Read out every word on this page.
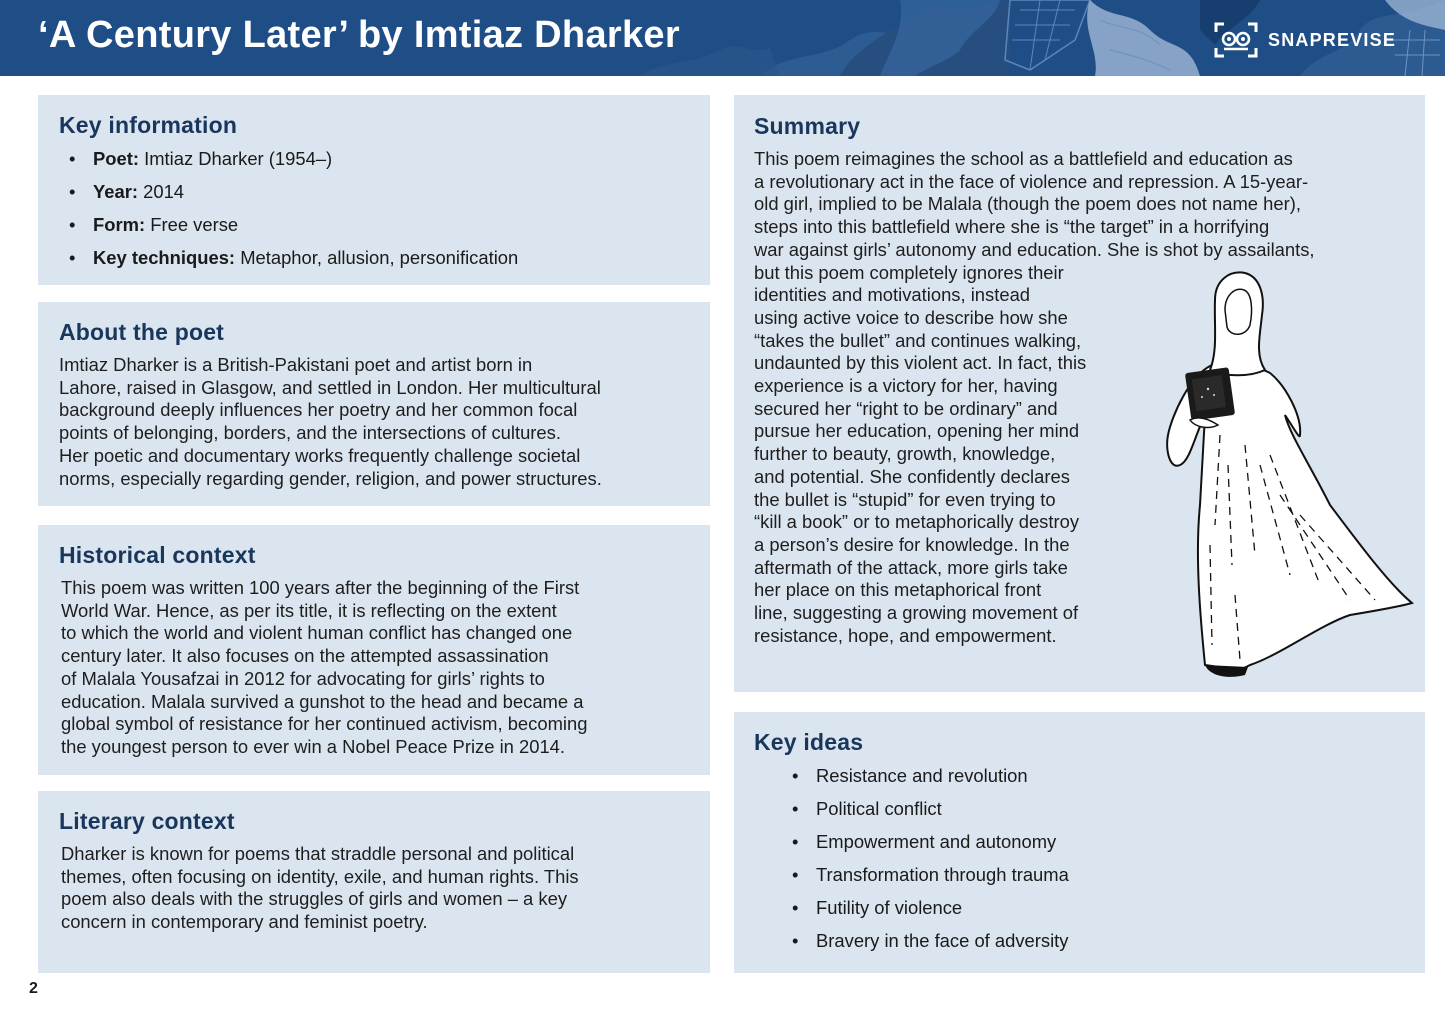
‘A Century Later’ by Imtiaz Dharker	SNAPREVISE
Key information
• Poet: Imtiaz Dharker (1954–)
• Year: 2014
• Form: Free verse
• Key techniques: Metaphor, allusion, personification
About the poet

Imtiaz Dharker is a British-Pakistani poet and artist born in
Lahore, raised in Glasgow, and settled in London. Her multicultural
background deeply influences her poetry and her common focal
points of belonging, borders, and the intersections of cultures.
Her poetic and documentary works frequently challenge societal
norms, especially regarding gender, religion, and power structures.

Historical context

This poem was written 100 years after the beginning of the First
World War. Hence, as per its title, it is reflecting on the extent
to which the world and violent human conflict has changed one
century later. It also focuses on the attempted assassination
of Malala Yousafzai in 2012 for advocating for girls’ rights to
education. Malala survived a gunshot to the head and became a
global symbol of resistance for her continued activism, becoming
the youngest person to ever win a Nobel Peace Prize in 2014.

Literary context

Dharker is known for poems that straddle personal and political
themes, often focusing on identity, exile, and human rights. This
poem also deals with the struggles of girls and women – a key
concern in contemporary and feminist poetry.

Summary

This poem reimagines the school as a battlefield and education as
a revolutionary act in the face of violence and repression. A 15-year-
old girl, implied to be Malala (though the poem does not name her),
steps into this battlefield where she is “the target” in a horrifying
war against girls’ autonomy and education. She is shot by assailants,
but this poem completely ignores their
identities and motivations, instead
using active voice to describe how she
“takes the bullet” and continues walking,
undaunted by this violent act. In fact, this
experience is a victory for her, having
secured her “right to be ordinary” and
pursue her education, opening her mind
further to beauty, growth, knowledge,
and potential. She confidently declares
the bullet is “stupid” for even trying to
“kill a book” or to metaphorically destroy
a person’s desire for knowledge. In the
aftermath of the attack, more girls take
her place on this metaphorical front
line, suggesting a growing movement of
resistance, hope, and empowerment.

Key ideas
• Resistance and revolution
• Political conflict
• Empowerment and autonomy
• Transformation through trauma
• Futility of violence
• Bravery in the face of adversity
2
